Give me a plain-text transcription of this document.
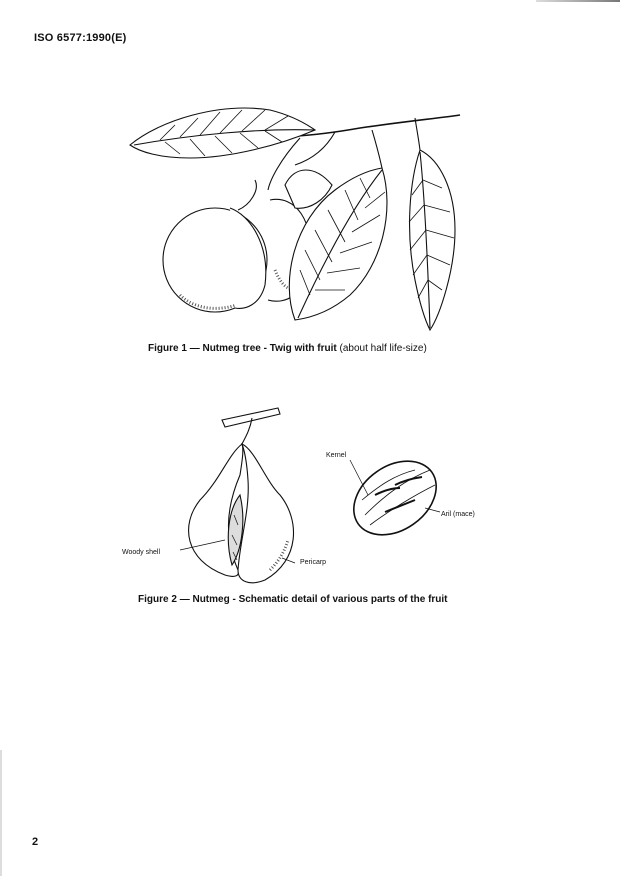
ISO 6577:1990(E)
Figure 1 — Nutmeg tree - Twig with fruit (about half life-size)
Kernel
Aril (mace)
Woody shell
Pericarp
Figure 2 — Nutmeg - Schematic detail of various parts of the fruit
2
